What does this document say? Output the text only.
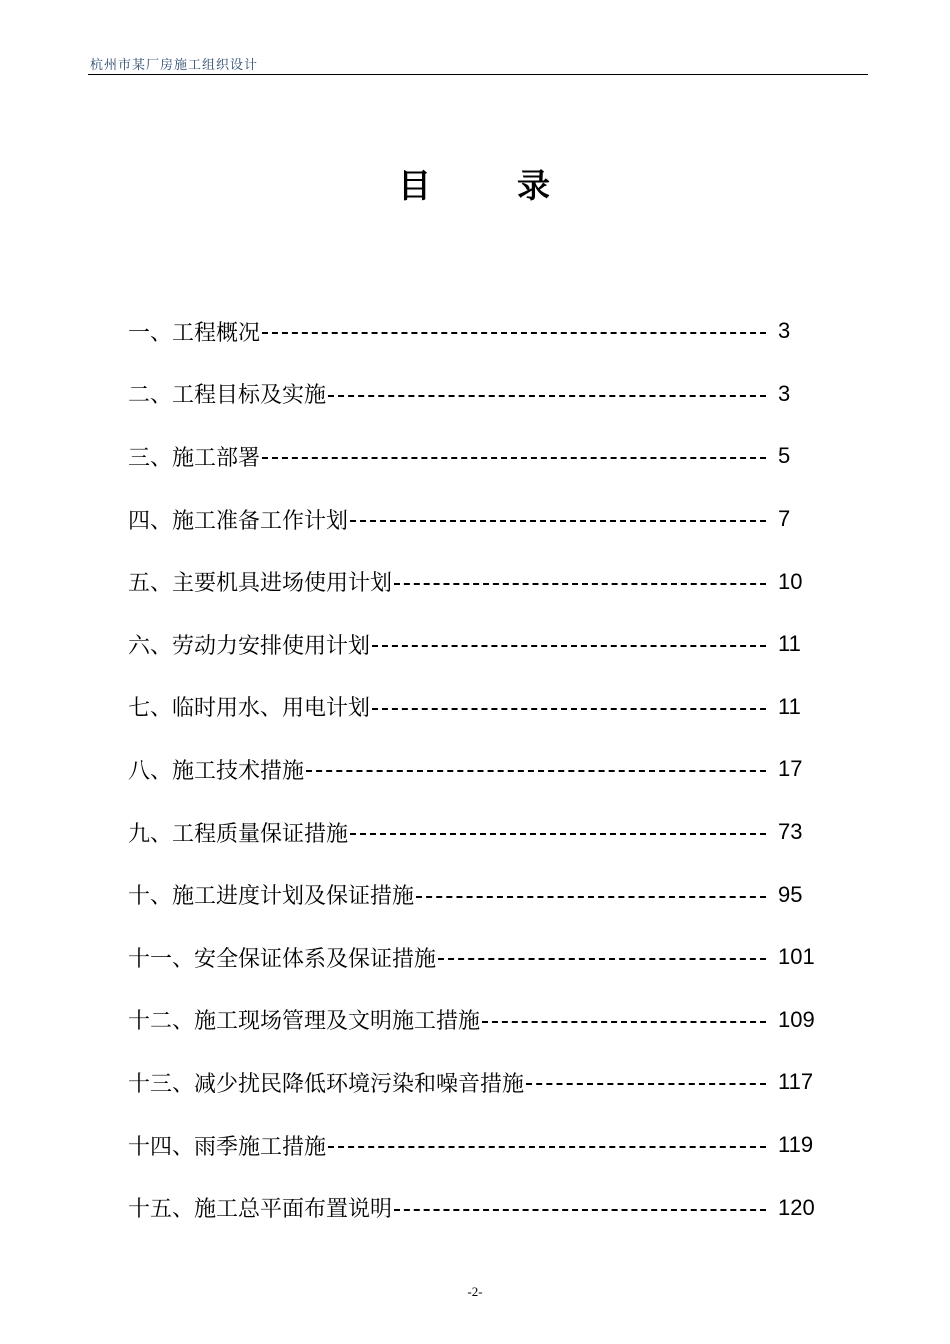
杭州市某厂房施工组织设计
目	录
一、工程概况	3
二、工程目标及实施	3
三、施工部署	5
四、施工准备工作计划	7
五、主要机具进场使用计划	10
六、劳动力安排使用计划	11
七、临时用水、用电计划	11
八、施工技术措施	17
九、工程质量保证措施	73
十、施工进度计划及保证措施	95
十一、安全保证体系及保证措施	101
十二、施工现场管理及文明施工措施	109
十三、减少扰民降低环境污染和噪音措施	117
十四、雨季施工措施	119
十五、施工总平面布置说明	120
-2-
